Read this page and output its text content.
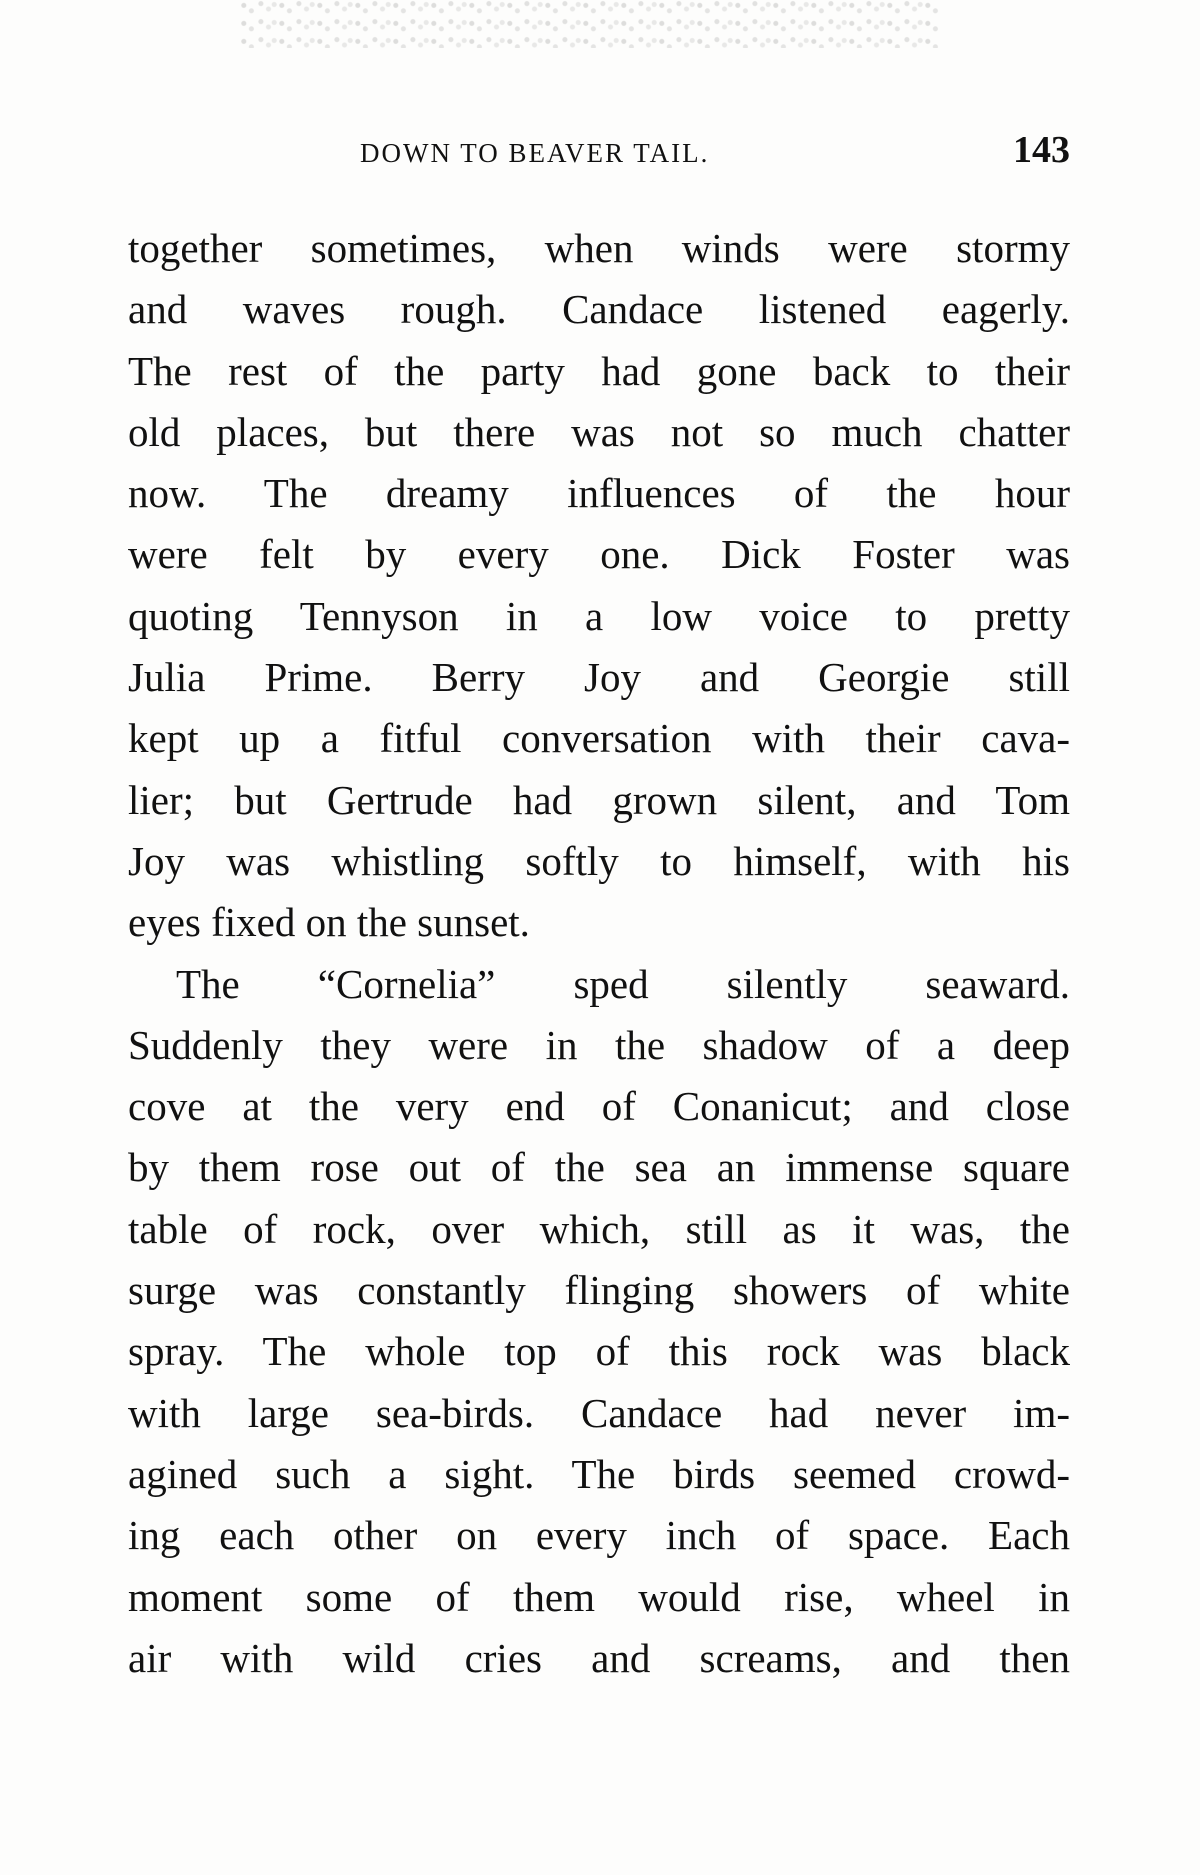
DOWN TO BEAVER TAIL.	143
together sometimes, when winds were stormy
and waves rough. Candace listened eagerly.
The rest of the party had gone back to their
old places, but there was not so much chatter
now. The dreamy influences of the hour
were felt by every one. Dick Foster was
quoting Tennyson in a low voice to pretty
Julia Prime. Berry Joy and Georgie still
kept up a fitful conversation with their cava-
lier; but Gertrude had grown silent, and Tom
Joy was whistling softly to himself, with his
eyes fixed on the sunset.
The “Cornelia” sped silently seaward.
Suddenly they were in the shadow of a deep
cove at the very end of Conanicut; and close
by them rose out of the sea an immense square
table of rock, over which, still as it was, the
surge was constantly flinging showers of white
spray. The whole top of this rock was black
with large sea-birds. Candace had never im-
agined such a sight. The birds seemed crowd-
ing each other on every inch of space. Each
moment some of them would rise, wheel in
air with wild cries and screams, and then
